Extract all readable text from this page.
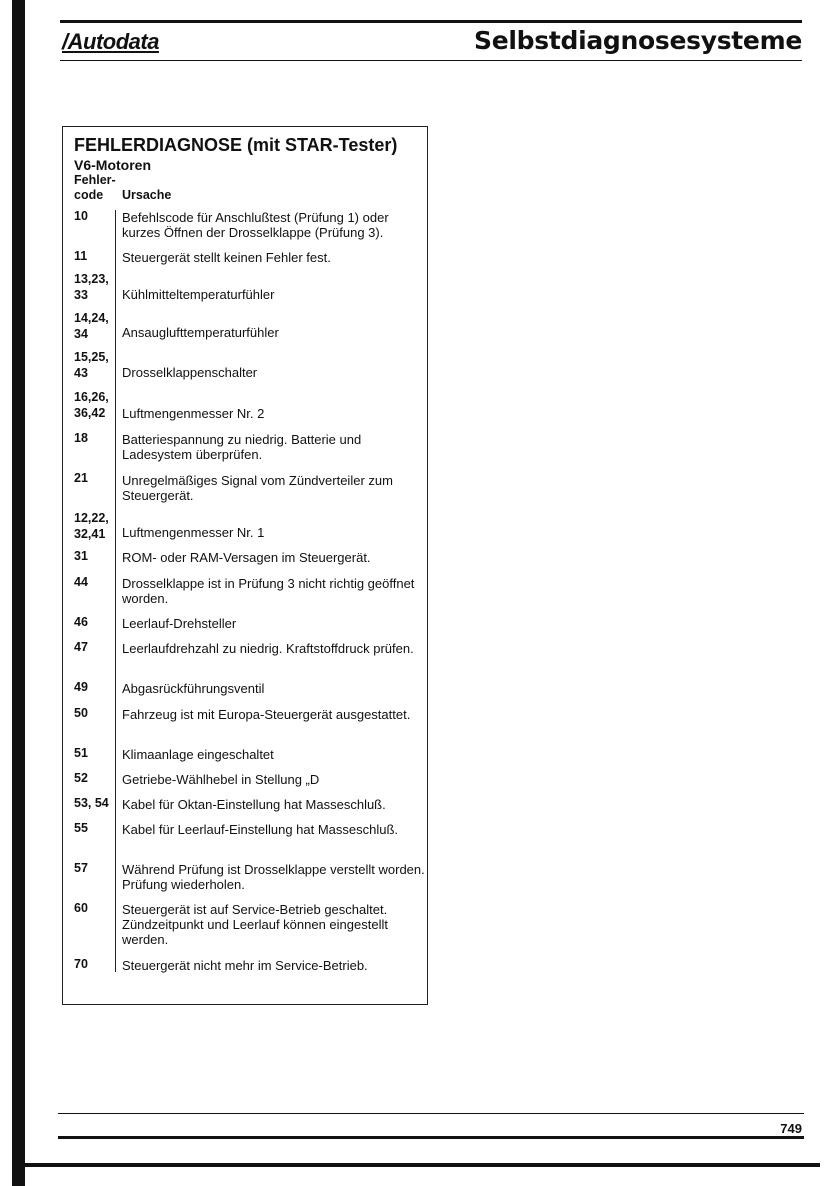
/Autodata	Selbstdiagnosesysteme
FEHLERDIAGNOSE (mit STAR-Tester)
V6-Motoren
Fehler-
code	Ursache
10	Befehlscode für Anschlußtest (Prüfung 1) oder kurzes Öffnen der Drosselklappe (Prüfung 3).
11	Steuergerät stellt keinen Fehler fest.
13,23,
33	Kühlmitteltemperaturfühler
14,24,
34	Ansauglufttemperaturfühler
15,25,
43	Drosselklappenschalter
16,26,
36,42	Luftmengenmesser Nr. 2
18	Batteriespannung zu niedrig. Batterie und Ladesystem überprüfen.
21	Unregelmäßiges Signal vom Zündverteiler zum Steuergerät.
12,22,
32,41	Luftmengenmesser Nr. 1
31	ROM- oder RAM-Versagen im Steuergerät.
44	Drosselklappe ist in Prüfung 3 nicht richtig geöffnet worden.
46	Leerlauf-Drehsteller
47	Leerlaufdrehzahl zu niedrig. Kraftstoffdruck prüfen.
49	Abgasrückführungsventil
50	Fahrzeug ist mit Europa-Steuergerät ausgestattet.
51	Klimaanlage eingeschaltet
52	Getriebe-Wählhebel in Stellung „D
53, 54	Kabel für Oktan-Einstellung hat Masseschluß.
55	Kabel für Leerlauf-Einstellung hat Masseschluß.
57	Während Prüfung ist Drosselklappe verstellt worden. Prüfung wiederholen.
60	Steuergerät ist auf Service-Betrieb geschaltet. Zündzeitpunkt und Leerlauf können eingestellt werden.
70	Steuergerät nicht mehr im Service-Betrieb.
749
